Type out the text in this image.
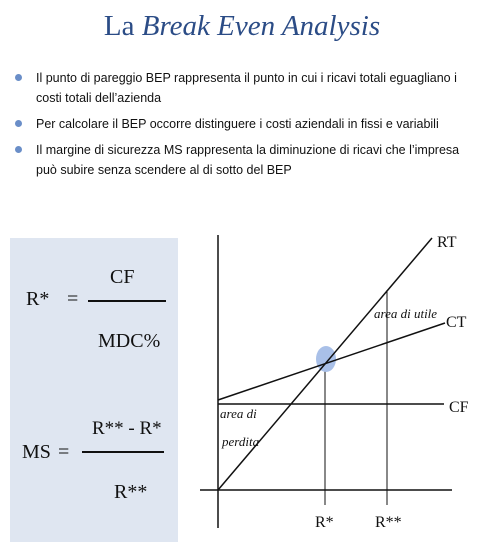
La Break Even Analysis
Il punto di pareggio BEP rappresenta il punto in cui i ricavi totali eguagliano i costi totali dell’azienda
Per calcolare il BEP occorre distinguere i costi aziendali in fissi e variabili
Il margine di sicurezza MS rappresenta la diminuzione di ricavi che l’impresa può subire senza scendere al di sotto del BEP
R* =
CF
MDC%
MS =
R** - R*
R**
RT
CT
CF
area di utile
area di
perdita
R*	R**
